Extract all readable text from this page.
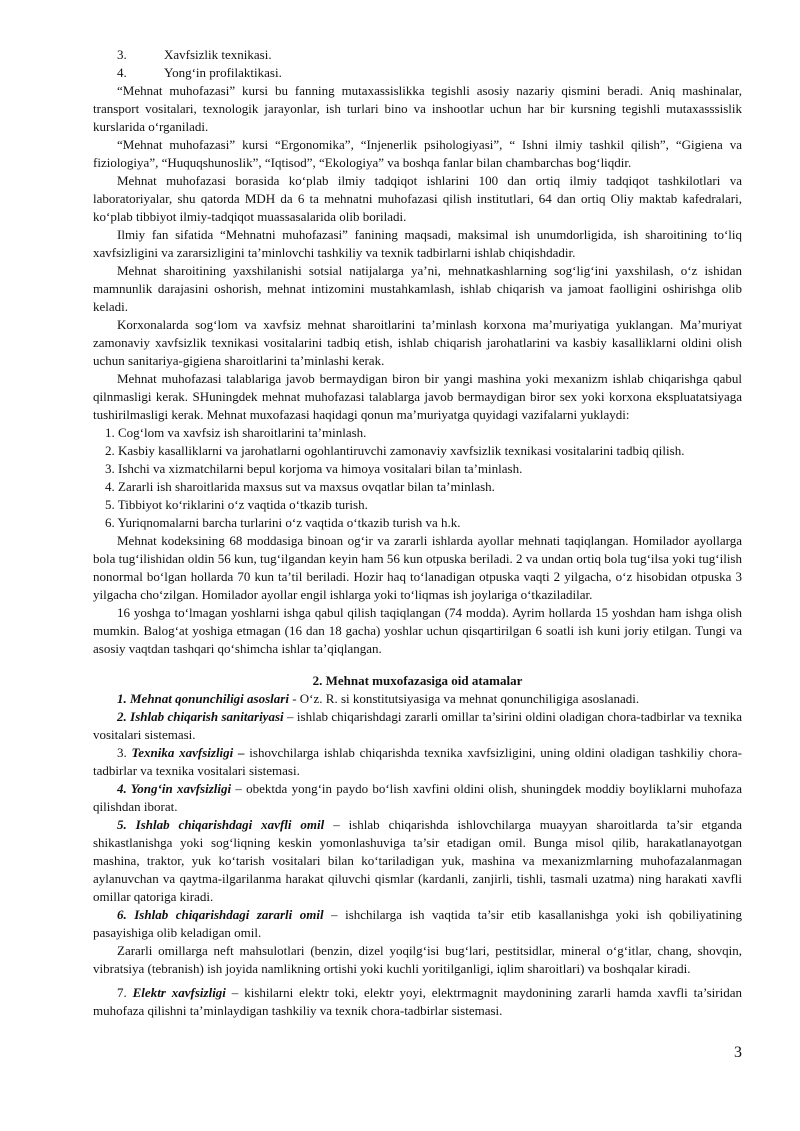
3.	Xavfsizlik texnikasi.

4.	Yong‘in profilaktikasi.

“Mehnat muhofazasi” kursi bu fanning mutaxassislikka tegishli asosiy nazariy qismini beradi. Aniq mashinalar, transport vositalari, texnologik jarayonlar, ish turlari bino va inshootlar uchun har bir kursning tegishli mutaxasssislik kurslarida o‘rganiladi.

“Mehnat muhofazasi” kursi “Ergonomika”, “Injenerlik psihologiyasi”, “ Ishni ilmiy tashkil qilish”, “Gigiena va fiziologiya”, “Huquqshunoslik”, “Iqtisod”, “Ekologiya” va boshqa fanlar bilan chambarchas bog‘liqdir.

Mehnat muhofazasi borasida ko‘plab ilmiy tadqiqot ishlarini 100 dan ortiq ilmiy tadqiqot tashkilotlari va laboratoriyalar, shu qatorda MDH da 6 ta mehnatni muhofazasi qilish institutlari, 64 dan ortiq Oliy maktab kafedralari, ko‘plab tibbiyot ilmiy-tadqiqot muassasalarida olib boriladi.

Ilmiy fan sifatida “Mehnatni muhofazasi” fanining maqsadi, maksimal ish unumdorligida, ish sharoitining to‘liq xavfsizligini va zararsizligini ta’minlovchi tashkiliy va texnik tadbirlarni ishlab chiqishdadir.

Mehnat sharoitining yaxshilanishi sotsial natijalarga ya’ni, mehnatkashlarning sog‘lig‘ini yaxshilash, o‘z ishidan mamnunlik darajasini oshorish, mehnat intizomini mustahkamlash, ishlab chiqarish va jamoat faolligini oshirishga olib keladi.

Korxonalarda sog‘lom va xavfsiz mehnat sharoitlarini ta’minlash korxona ma’muriyatiga yuklangan. Ma’muriyat zamonaviy xavfsizlik texnikasi vositalarini tadbiq etish, ishlab chiqarish jarohatlarini va kasbiy kasalliklarni oldini olish uchun sanitariya-gigiena sharoitlarini ta’minlashi kerak.

Mehnat muhofazasi talablariga javob bermaydigan biron bir yangi mashina yoki mexanizm ishlab chiqarishga qabul qilnmasligi kerak. SHuningdek mehnat muhofazasi talablarga javob bermaydigan biror sex yoki korxona ekspluatatsiyaga tushirilmasligi kerak. Mehnat muxofazasi haqidagi qonun ma’muriyatga quyidagi vazifalarni yuklaydi:

1. Cog‘lom va xavfsiz ish sharoitlarini ta’minlash.

2. Kasbiy kasalliklarni va jarohatlarni ogohlantiruvchi zamonaviy xavfsizlik texnikasi vositalarini tadbiq qilish.

3. Ishchi va xizmatchilarni bepul korjoma va himoya vositalari bilan ta’minlash.

4. Zararli ish sharoitlarida maxsus sut va maxsus ovqatlar bilan ta’minlash.

5. Tibbiyot ko‘riklarini o‘z vaqtida o‘tkazib turish.

6. Yuriqnomalarni barcha turlarini o‘z vaqtida o‘tkazib turish va h.k.

Mehnat kodeksining 68 moddasiga binoan og‘ir va zararli ishlarda ayollar mehnati taqiqlangan. Homilador ayollarga bola tug‘ilishidan oldin 56 kun, tug‘ilgandan keyin ham 56 kun otpuska beriladi. 2 va undan ortiq bola tug‘ilsa yoki tug‘ilish nonormal bo‘lgan hollarda 70 kun ta’til beriladi. Hozir haq to‘lanadigan otpuska vaqti 2 yilgacha, o‘z hisobidan otpuska 3 yilgacha cho‘zilgan. Homilador ayollar engil ishlarga yoki to‘liqmas ish joylariga o‘tkaziladilar.

16 yoshga to‘lmagan yoshlarni ishga qabul qilish taqiqlangan (74 modda). Ayrim hollarda 15 yoshdan ham ishga olish mumkin. Balog‘at yoshiga etmagan (16 dan 18 gacha) yoshlar uchun qisqartirilgan 6 soatli ish kuni joriy etilgan. Tungi va asosiy vaqtdan tashqari qo‘shimcha ishlar ta’qiqlangan.

2. Mehnat muxofazasiga oid atamalar

1. Mehnat qonunchiligi asoslari - O‘z. R. si konstitutsiyasiga va mehnat qonunchiligiga asoslanadi.

2. Ishlab chiqarish sanitariyasi – ishlab chiqarishdagi zararli omillar ta’sirini oldini oladigan chora-tadbirlar va texnika vositalari sistemasi.

3. Texnika xavfsizligi – ishovchilarga ishlab chiqarishda texnika xavfsizligini, uning oldini oladigan tashkiliy chora-tadbirlar va texnika vositalari sistemasi.

4. Yong‘in xavfsizligi – obektda yong‘in paydo bo‘lish xavfini oldini olish, shuningdek moddiy boyliklarni muhofaza qilishdan iborat.

5. Ishlab chiqarishdagi xavfli omil – ishlab chiqarishda ishlovchilarga muayyan sharoitlarda ta’sir etganda shikastlanishga yoki sog‘liqning keskin yomonlashuviga ta’sir etadigan omil. Bunga misol qilib, harakatlanayotgan mashina, traktor, yuk ko‘tarish vositalari bilan ko‘tariladigan yuk, mashina va mexanizmlarning muhofazalanmagan aylanuvchan va qaytma-ilgarilanma harakat qiluvchi qismlar (kardanli, zanjirli, tishli, tasmali uzatma) ning harakati xavfli omillar qatoriga kiradi.

6. Ishlab chiqarishdagi zararli omil – ishchilarga ish vaqtida ta’sir etib kasallanishga yoki ish qobiliyatining pasayishiga olib keladigan omil.

Zararli omillarga neft mahsulotlari (benzin, dizel yoqilg‘isi bug‘lari, pestitsidlar, mineral o‘g‘itlar, chang, shovqin, vibratsiya (tebranish) ish joyida namlikning ortishi yoki kuchli yoritilganligi, iqlim sharoitlari) va boshqalar kiradi.

7. Elektr xavfsizligi – kishilarni elektr toki, elektr yoyi, elektrmagnit maydonining zararli hamda xavfli ta’siridan muhofaza qilishni ta’minlaydigan tashkiliy va texnik chora-tadbirlar sistemasi.

3
